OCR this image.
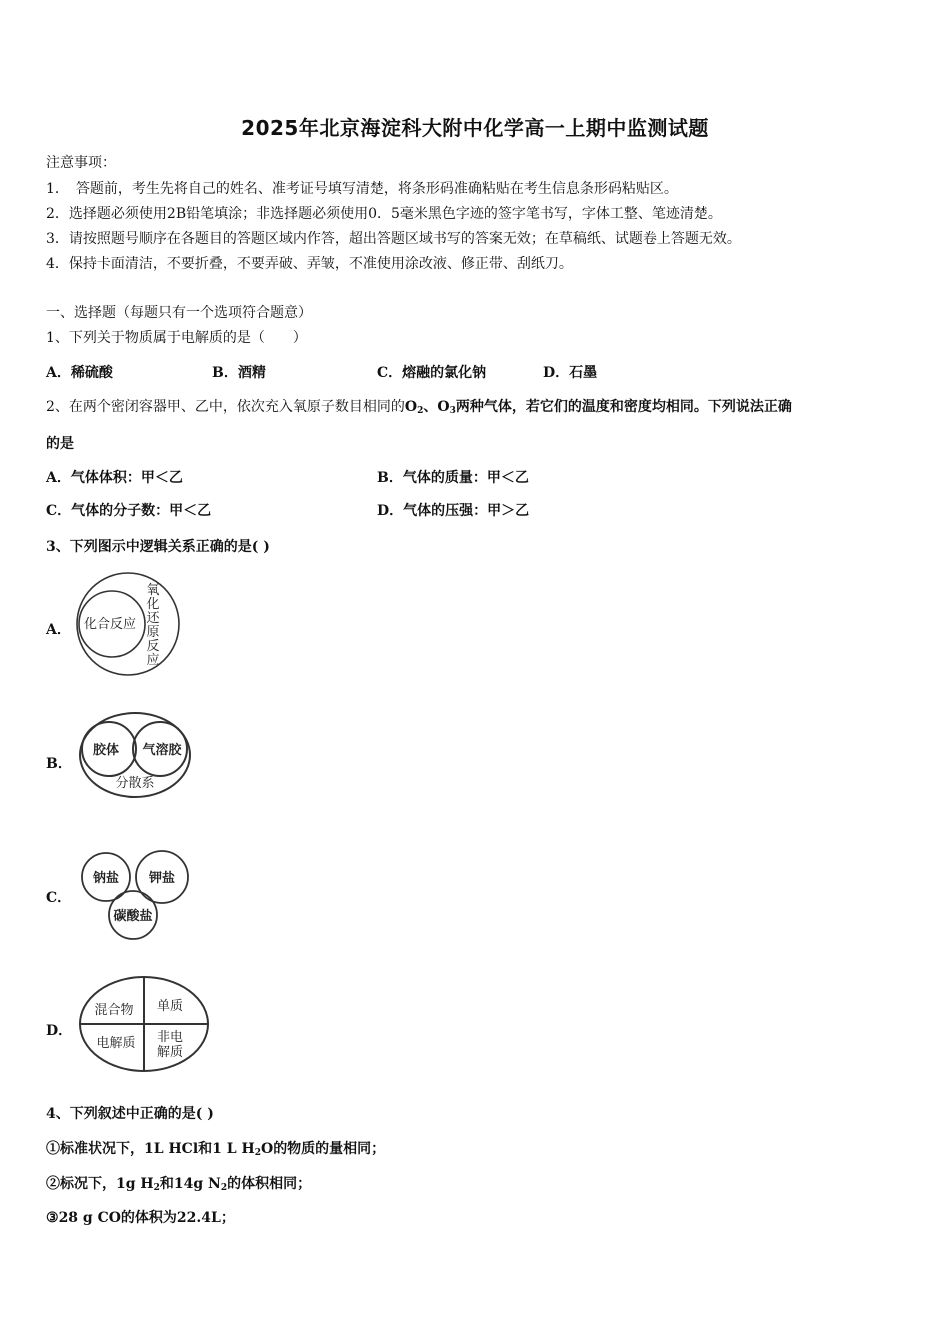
2025年北京海淀科大附中化学高一上期中监测试题
注意事项：
1．　答题前，考生先将自己的姓名、准考证号填写清楚，将条形码准确粘贴在考生信息条形码粘贴区。
2．选择题必须使用2B铅笔填涂；非选择题必须使用0．5毫米黑色字迹的签字笔书写，字体工整、笔迹清楚。
3．请按照题号顺序在各题目的答题区域内作答，超出答题区域书写的答案无效；在草稿纸、试题卷上答题无效。
4．保持卡面清洁，不要折叠，不要弄破、弄皱，不准使用涂改液、修正带、刮纸刀。
一、选择题（每题只有一个选项符合题意）
1、下列关于物质属于电解质的是（　　）
A．稀硫酸	B．酒精	C．熔融的氯化钠	D．石墨
2、在两个密闭容器甲、乙中，依次充入氧原子数目相同的$O_2$、$O_3$两种气体，若它们的温度和密度均相同。下列说法正确
的是
A．气体体积：甲＜乙	B．气体的质量：甲＜乙
C．气体的分子数：甲＜乙	D．气体的压强：甲＞乙
3、下列图示中逻辑关系正确的是( )
A． 化合反应
氧
化
还
原
反
应
B．
胶体 气溶胶
分散系
C．
钠盐 钾盐
碳酸盐
D．
混合物 单质
电解质 非电
解质
4、下列叙述中正确的是( )
①标准状况下，1L HCl和1 L $H_2O$的物质的量相同；
②标况下，1g $H_2$和14g $N_2$的体积相同；
③28 g CO的体积为22.4L；
